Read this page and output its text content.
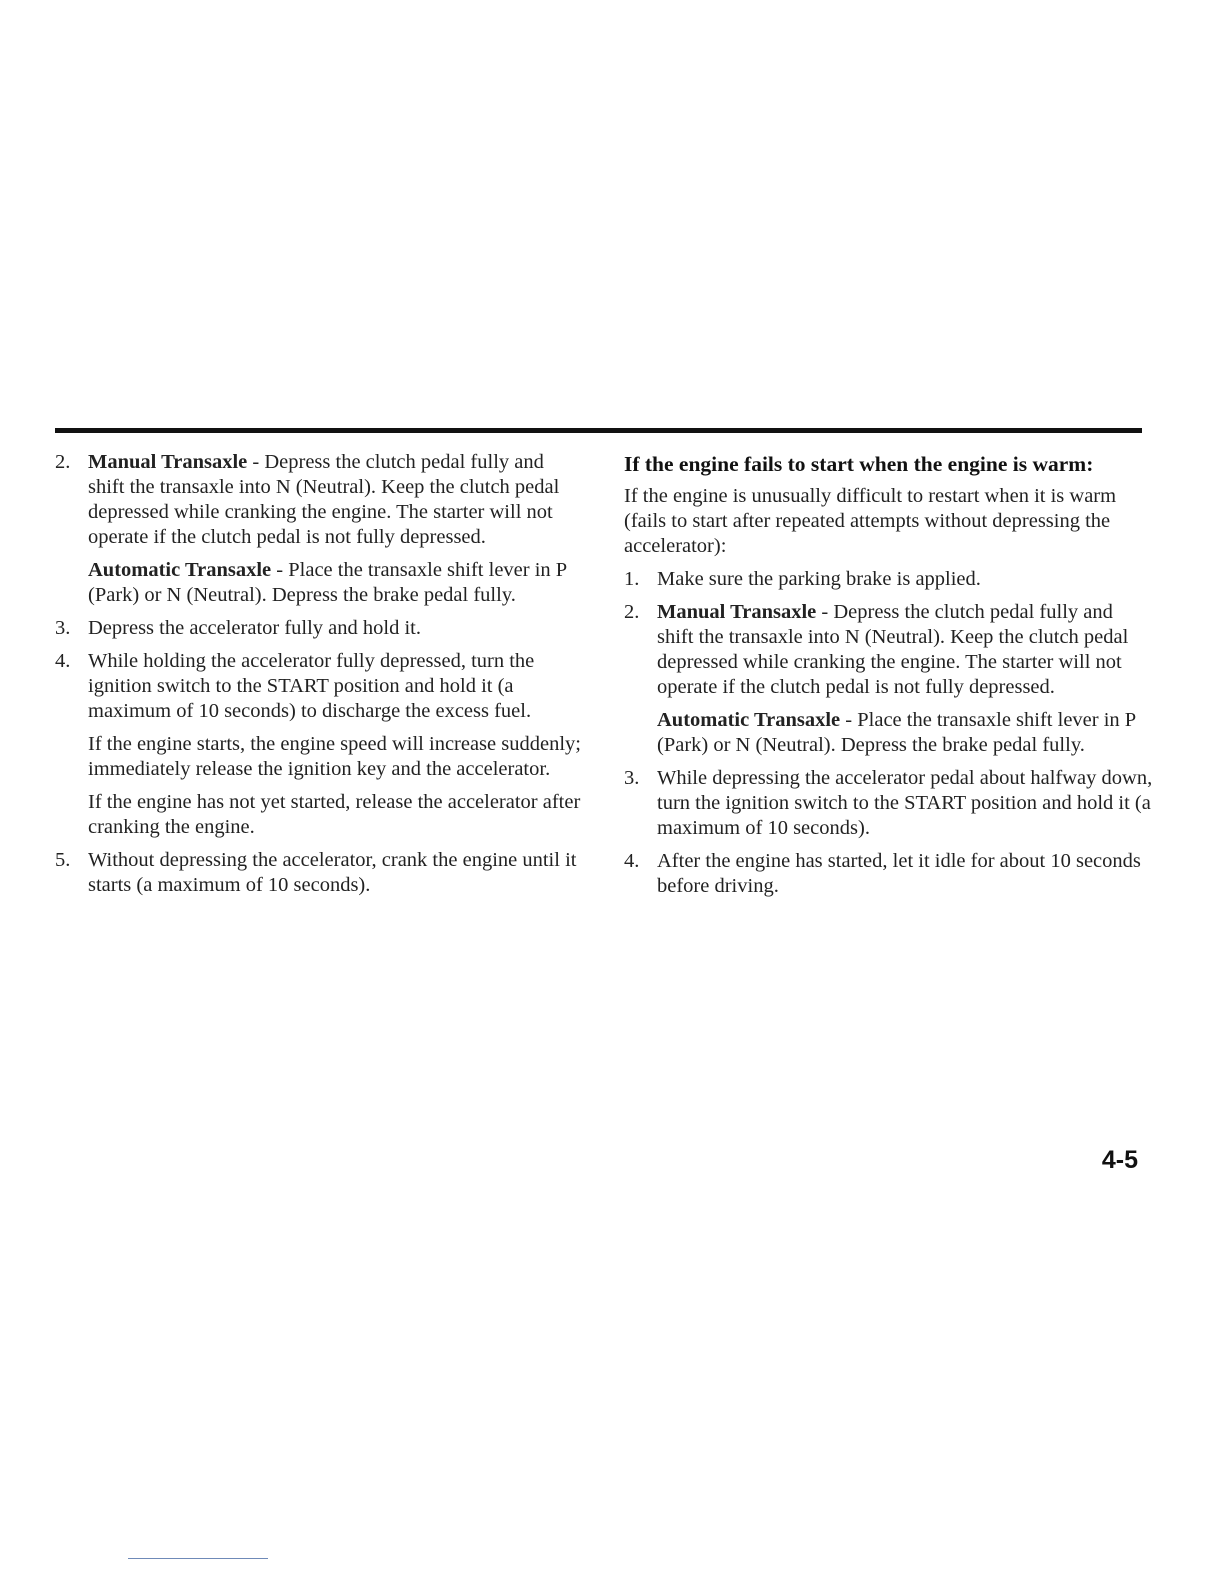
2. Manual Transaxle - Depress the clutch pedal fully and shift the transaxle into N (Neutral). Keep the clutch pedal depressed while cranking the engine. The starter will not operate if the clutch pedal is not fully depressed.

Automatic Transaxle - Place the transaxle shift lever in P (Park) or N (Neutral). Depress the brake pedal fully.

3. Depress the accelerator fully and hold it.

4. While holding the accelerator fully depressed, turn the ignition switch to the START position and hold it (a maximum of 10 seconds) to discharge the excess fuel.

If the engine starts, the engine speed will increase suddenly; immediately release the ignition key and the accelerator.

If the engine has not yet started, release the accelerator after cranking the engine.

5. Without depressing the accelerator, crank the engine until it starts (a maximum of 10 seconds).

If the engine fails to start when the engine is warm:

If the engine is unusually difficult to restart when it is warm (fails to start after repeated attempts without depressing the accelerator):

1. Make sure the parking brake is applied.

2. Manual Transaxle - Depress the clutch pedal fully and shift the transaxle into N (Neutral). Keep the clutch pedal depressed while cranking the engine. The starter will not operate if the clutch pedal is not fully depressed.

Automatic Transaxle - Place the transaxle shift lever in P (Park) or N (Neutral). Depress the brake pedal fully.

3. While depressing the accelerator pedal about halfway down, turn the ignition switch to the START position and hold it (a maximum of 10 seconds).

4. After the engine has started, let it idle for about 10 seconds before driving.

4-5
